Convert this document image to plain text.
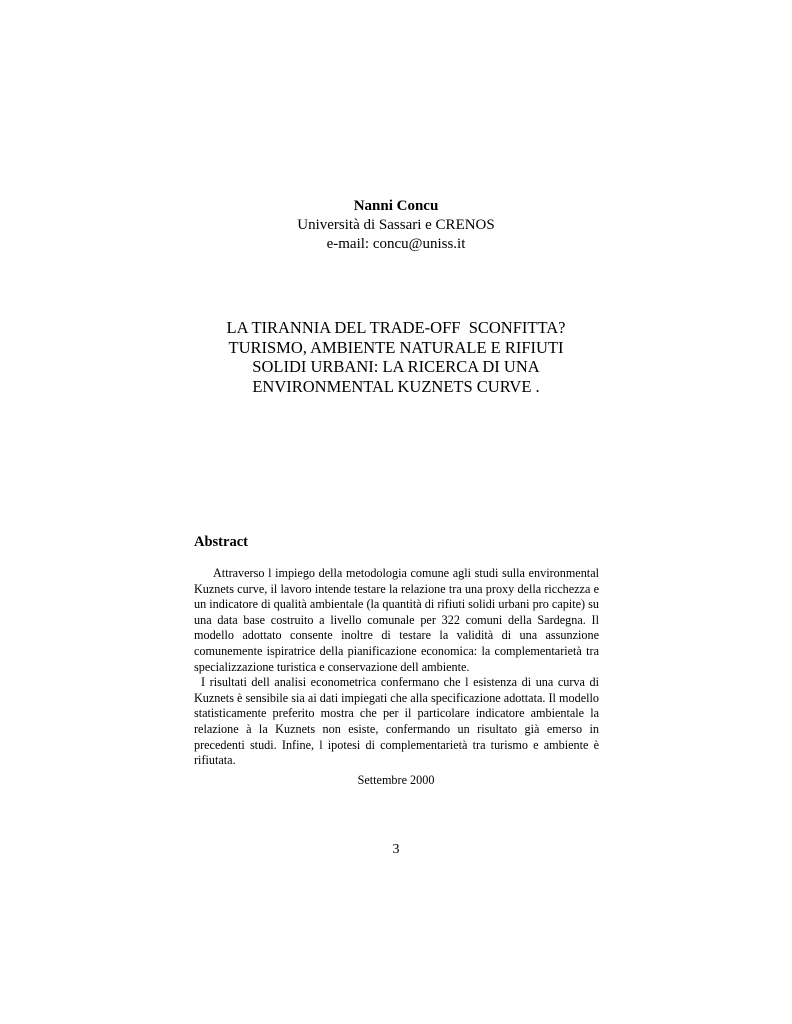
Nanni Concu
Università di Sassari e CRENOS
e-mail: concu@uniss.it
LA TIRANNIA DEL TRADE-OFF  SCONFITTA?
TURISMO, AMBIENTE NATURALE E RIFIUTI
SOLIDI URBANI: LA RICERCA DI UNA
ENVIRONMENTAL KUZNETS CURVE .
Abstract

Attraverso l impiego della metodologia comune agli studi sulla environmental Kuznets curve, il lavoro intende testare la relazione tra una proxy della ricchezza e un indicatore di qualità ambientale (la quantità di rifiuti solidi urbani pro capite) su una data base costruito a livello comunale per 322 comuni della Sardegna. Il modello adottato consente inoltre di testare la validità di una assunzione comunemente ispiratrice della pianificazione economica: la complementarietà tra specializzazione turistica e conservazione dell ambiente.

I risultati dell analisi econometrica confermano che l esistenza di una curva di Kuznets è sensibile sia ai dati impiegati che alla specificazione adottata. Il modello statisticamente preferito mostra che per il particolare indicatore ambientale la relazione à la Kuznets non esiste, confermando un risultato già emerso in precedenti studi. Infine, l ipotesi di complementarietà tra turismo e ambiente è rifiutata.

Settembre 2000
3
